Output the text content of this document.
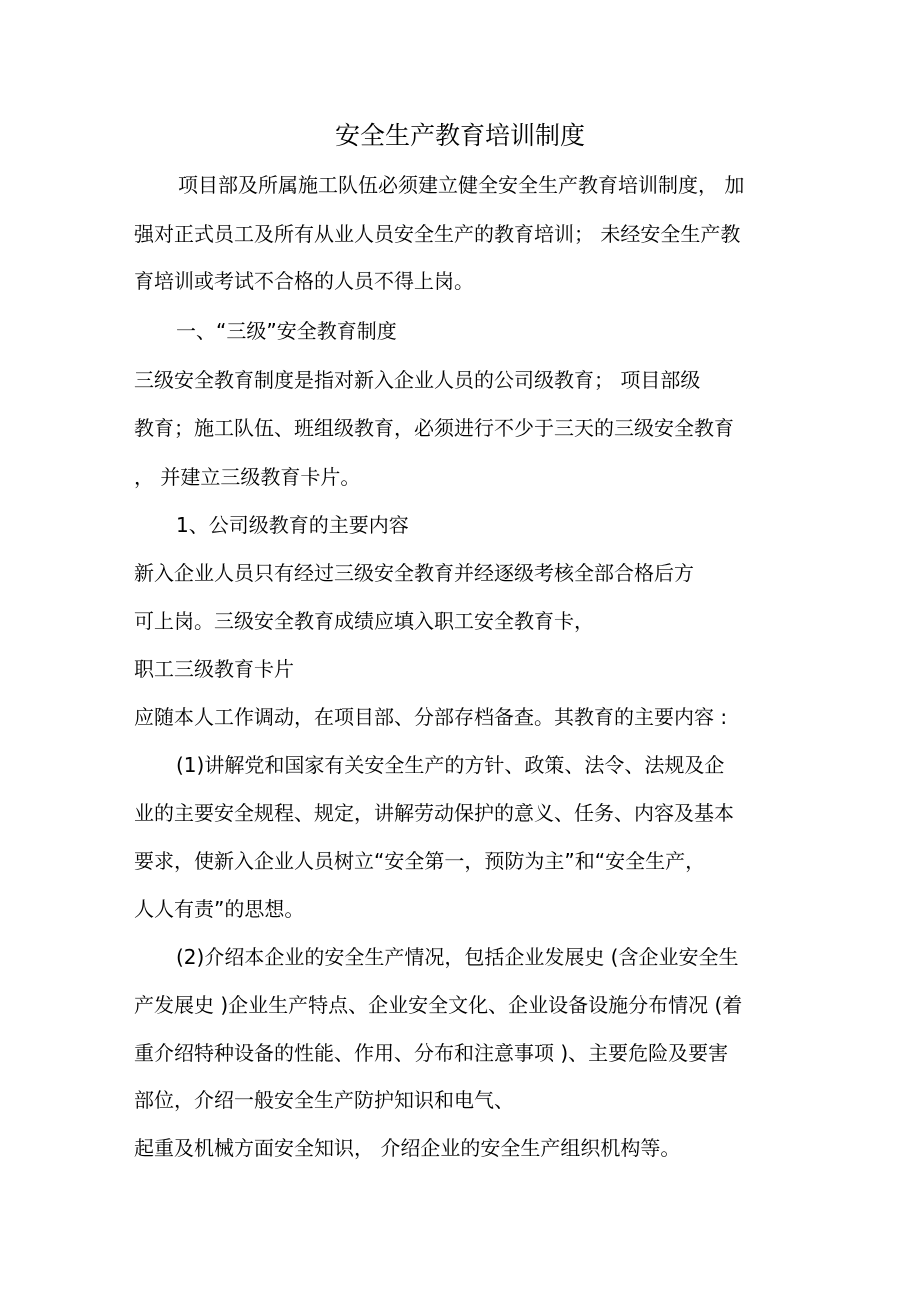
安全生产教育培训制度
项目部及所属施工队伍必须建立健全安全生产教育培训制度， 加
强对正式员工及所有从业人员安全生产的教育培训； 未经安全生产教
育培训或考试不合格的人员不得上岗。
一、“三级”安全教育制度
三级安全教育制度是指对新入企业人员的公司级教育； 项目部级
教育；施工队伍、班组级教育，必须进行不少于三天的三级安全教育
， 并建立三级教育卡片。
1、公司级教育的主要内容
新入企业人员只有经过三级安全教育并经逐级考核全部合格后方
可上岗。三级安全教育成绩应填入职工安全教育卡，
职工三级教育卡片
应随本人工作调动，在项目部、分部存档备查。其教育的主要内容 :
(1)讲解党和国家有关安全生产的方针、政策、法令、法规及企
业的主要安全规程、规定，讲解劳动保护的意义、任务、内容及基本
要求，使新入企业人员树立“安全第一，预防为主”和“安全生产，
人人有责”的思想。
(2)介绍本企业的安全生产情况，包括企业发展史 (含企业安全生
产发展史 )企业生产特点、企业安全文化、企业设备设施分布情况 (着
重介绍特种设备的性能、作用、分布和注意事项 )、主要危险及要害
部位，介绍一般安全生产防护知识和电气、
起重及机械方面安全知识， 介绍企业的安全生产组织机构等。
